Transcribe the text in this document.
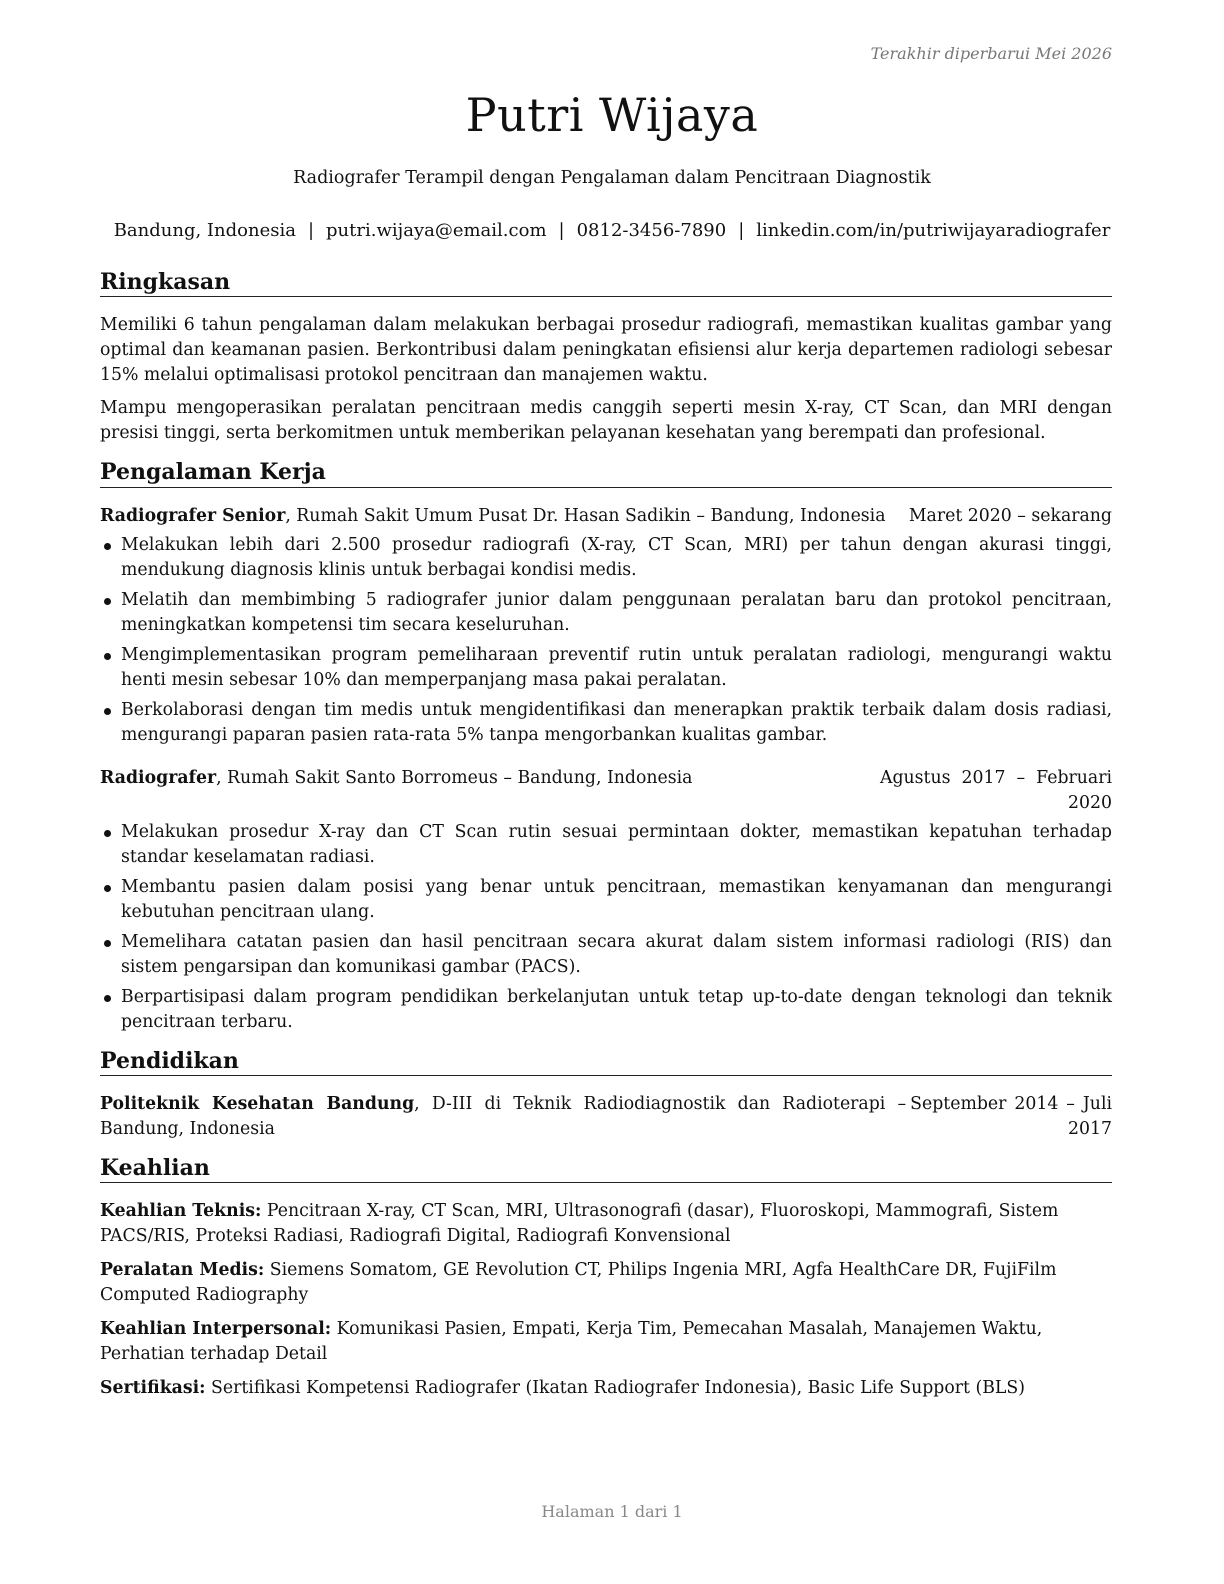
Terakhir diperbarui Mei 2026
Putri Wijaya

Radiografer Terampil dengan Pengalaman dalam Pencitraan Diagnostik

Bandung, Indonesia | putri.wijaya@email.com | 0812-3456-7890 | linkedin.com/in/putriwijayaradiografer
Ringkasan

Memiliki 6 tahun pengalaman dalam melakukan berbagai prosedur radiografi, memastikan kualitas gambar yang optimal dan keamanan pasien. Berkontribusi dalam peningkatan efisiensi alur kerja departemen radiologi sebesar 15% melalui optimalisasi protokol pencitraan dan manajemen waktu.

Mampu mengoperasikan peralatan pencitraan medis canggih seperti mesin X-ray, CT Scan, dan MRI dengan presisi tinggi, serta berkomitmen untuk memberikan pelayanan kesehatan yang berempati dan profesional.

Pengalaman Kerja
Radiografer Senior, Rumah Sakit Umum Pusat Dr. Hasan Sadikin – Bandung, Indonesia Maret 2020 – sekarang
Melakukan lebih dari 2.500 prosedur radiografi (X-ray, CT Scan, MRI) per tahun dengan akurasi tinggi, mendukung diagnosis klinis untuk berbagai kondisi medis.
Melatih dan membimbing 5 radiografer junior dalam penggunaan peralatan baru dan protokol pencitraan, meningkatkan kompetensi tim secara keseluruhan.
Mengimplementasikan program pemeliharaan preventif rutin untuk peralatan radiologi, mengurangi waktu henti mesin sebesar 10% dan memperpanjang masa pakai peralatan.
Berkolaborasi dengan tim medis untuk mengidentifikasi dan menerapkan praktik terbaik dalam dosis radiasi, mengurangi paparan pasien rata-rata 5% tanpa mengorbankan kualitas gambar.
Radiografer, Rumah Sakit Santo Borromeus – Bandung, Indonesia	Agustus 2017 – Februari 2020
Melakukan prosedur X-ray dan CT Scan rutin sesuai permintaan dokter, memastikan kepatuhan terhadap standar keselamatan radiasi.
Membantu pasien dalam posisi yang benar untuk pencitraan, memastikan kenyamanan dan mengurangi kebutuhan pencitraan ulang.
Memelihara catatan pasien dan hasil pencitraan secara akurat dalam sistem informasi radiologi (RIS) dan sistem pengarsipan dan komunikasi gambar (PACS).
Berpartisipasi dalam program pendidikan berkelanjutan untuk tetap up-to-date dengan teknologi dan teknik pencitraan terbaru.
Pendidikan
Politeknik Kesehatan Bandung, D-III di Teknik Radiodiagnostik dan Radioterapi – Bandung, Indonesia
September 2014 – Juli 2017
Keahlian

Keahlian Teknis: Pencitraan X-ray, CT Scan, MRI, Ultrasonografi (dasar), Fluoroskopi, Mammografi, Sistem PACS/RIS, Proteksi Radiasi, Radiografi Digital, Radiografi Konvensional

Peralatan Medis: Siemens Somatom, GE Revolution CT, Philips Ingenia MRI, Agfa HealthCare DR, FujiFilm Computed Radiography

Keahlian Interpersonal: Komunikasi Pasien, Empati, Kerja Tim, Pemecahan Masalah, Manajemen Waktu, Perhatian terhadap Detail

Sertifikasi: Sertifikasi Kompetensi Radiografer (Ikatan Radiografer Indonesia), Basic Life Support (BLS)

Halaman 1 dari 1
